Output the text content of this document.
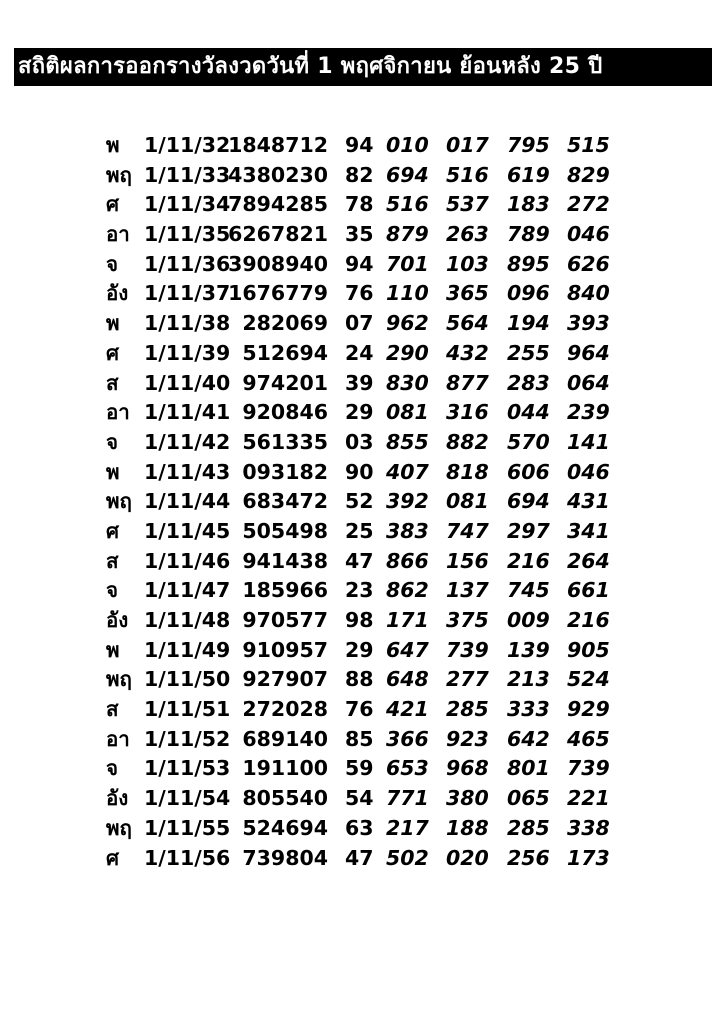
สถิติผลการออกรางวัลงวดวันที่ 1 พฤศจิกายน ย้อนหลัง 25 ปี
พ 1/11/32
1848712 94 010 017 795 515
พฤ 1/11/33
4380230 82 694 516 619 829
ศ 1/11/34
7894285 78 516 537 183 272
อา 1/11/35
6267821 35 879 263 789 046
จ 1/11/36
3908940 94 701 103 895 626
อัง 1/11/37
1676779 76 110 365 096 840
พ 1/11/38 282069 07 962 564 194 393
ศ 1/11/39 512694 24 290 432 255 964
ส 1/11/40 974201 39 830 877 283 064
อา 1/11/41 920846 29 081 316 044 239
จ 1/11/42 561335 03 855 882 570 141
พ 1/11/43 093182 90 407 818 606 046
พฤ 1/11/44 683472 52 392 081 694 431
ศ 1/11/45 505498 25 383 747 297 341
ส 1/11/46 941438 47 866 156 216 264
จ 1/11/47 185966 23 862 137 745 661
อัง 1/11/48 970577 98 171 375 009 216
พ 1/11/49 910957 29 647 739 139 905
พฤ 1/11/50 927907 88 648 277 213 524
ส 1/11/51 272028 76 421 285 333 929
อา 1/11/52 689140 85 366 923 642 465
จ 1/11/53 191100 59 653 968 801 739
อัง 1/11/54 805540 54 771 380 065 221
พฤ 1/11/55 524694 63 217 188 285 338
ศ 1/11/56 739804 47 502 020 256 173
